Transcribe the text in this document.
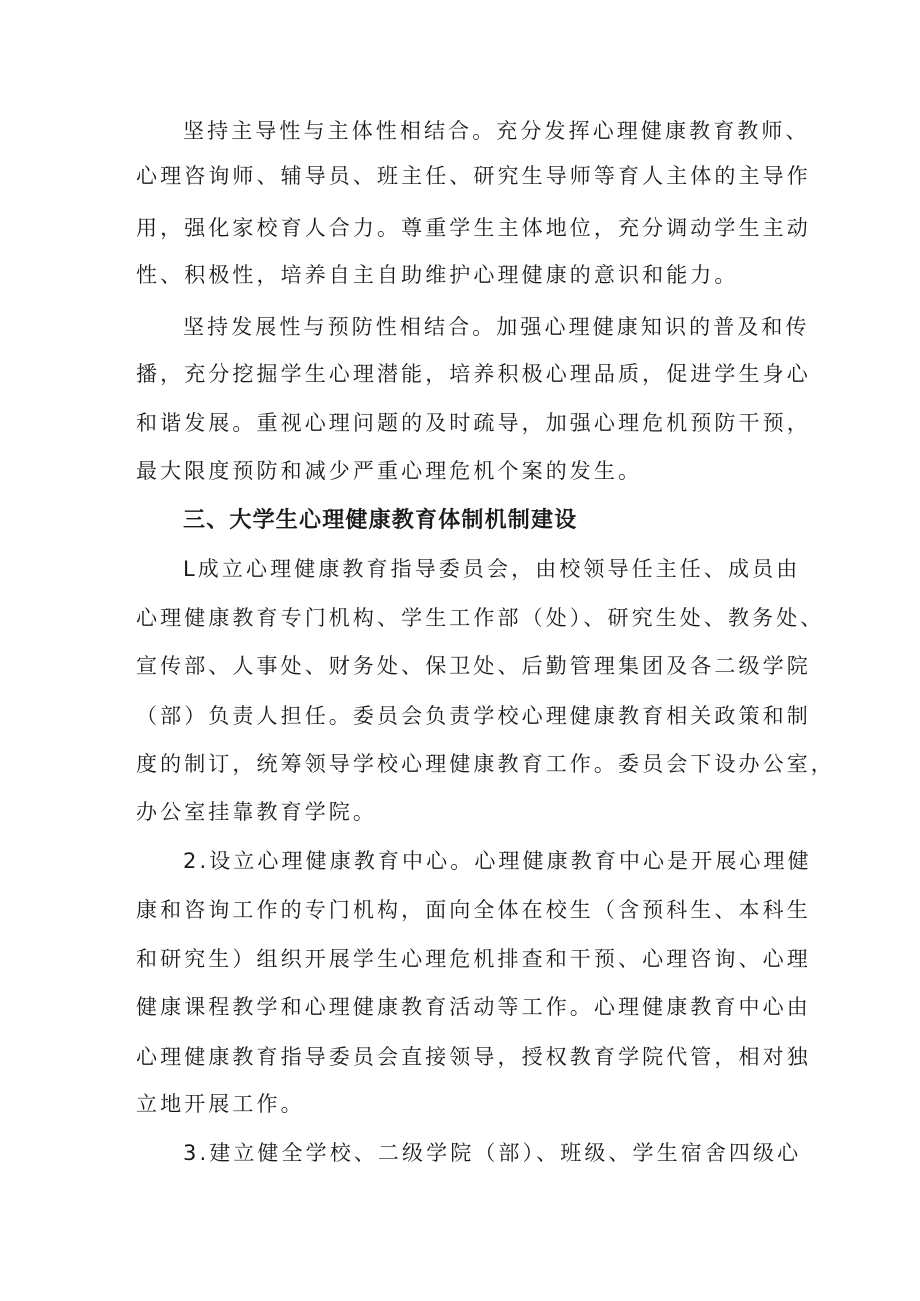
坚持主导性与主体性相结合。充分发挥心理健康教育教师、
心理咨询师、辅导员、班主任、研究生导师等育人主体的主导作
用，强化家校育人合力。尊重学生主体地位，充分调动学生主动
性、积极性，培养自主自助维护心理健康的意识和能力。
坚持发展性与预防性相结合。加强心理健康知识的普及和传
播，充分挖掘学生心理潜能，培养积极心理品质，促进学生身心
和谐发展。重视心理问题的及时疏导，加强心理危机预防干预，
最大限度预防和减少严重心理危机个案的发生。
三、大学生心理健康教育体制机制建设
L成立心理健康教育指导委员会，由校领导任主任、成员由
心理健康教育专门机构、学生工作部（处）、研究生处、教务处、
宣传部、人事处、财务处、保卫处、后勤管理集团及各二级学院
（部）负责人担任。委员会负责学校心理健康教育相关政策和制
度的制订，统筹领导学校心理健康教育工作。委员会下设办公室，
办公室挂靠教育学院。
2.设立心理健康教育中心。心理健康教育中心是开展心理健
康和咨询工作的专门机构，面向全体在校生（含预科生、本科生
和研究生）组织开展学生心理危机排查和干预、心理咨询、心理
健康课程教学和心理健康教育活动等工作。心理健康教育中心由
心理健康教育指导委员会直接领导，授权教育学院代管，相对独
立地开展工作。
3.建立健全学校、二级学院（部）、班级、学生宿舍四级心
